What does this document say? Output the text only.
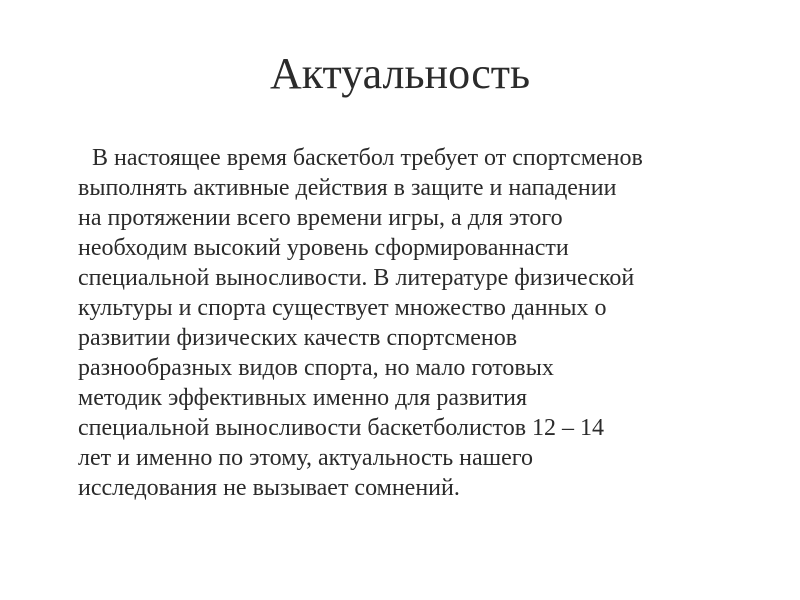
Актуальность
В настоящее время баскетбол требует от спортсменов
выполнять активные действия в защите и нападении
на протяжении всего времени игры, а для этого
необходим высокий уровень сформированнасти
специальной выносливости. В литературе физической
культуры и спорта существует множество данных о
развитии физических качеств спортсменов
разнообразных видов спорта, но мало готовых
методик эффективных именно для развития
специальной выносливости баскетболистов 12 – 14
лет и именно по этому, актуальность нашего
исследования не вызывает сомнений.
